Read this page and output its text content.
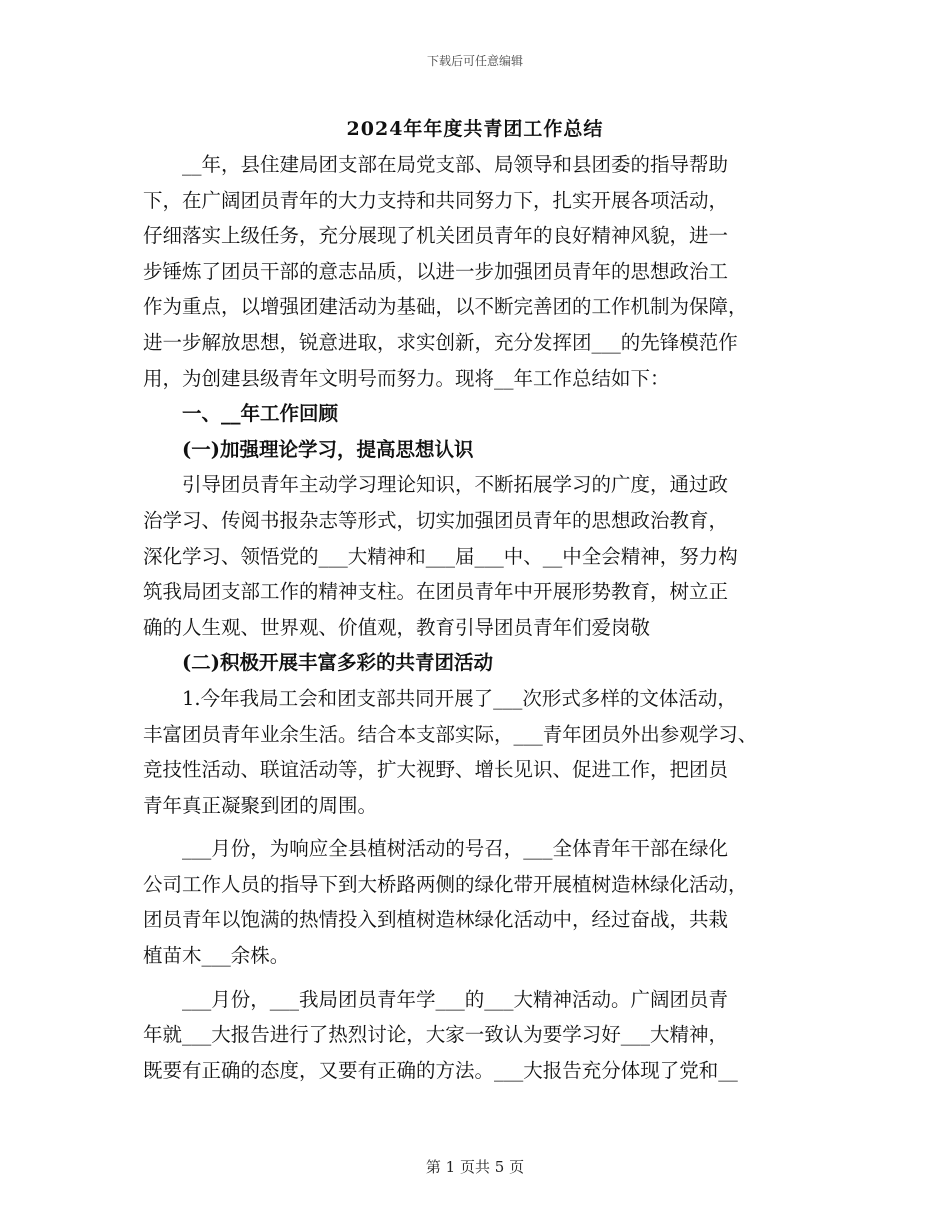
下载后可任意编辑
2024年年度共青团工作总结
　　__年，县住建局团支部在局党支部、局领导和县团委的指导帮助
下，在广阔团员青年的大力支持和共同努力下，扎实开展各项活动，
仔细落实上级任务，充分展现了机关团员青年的良好精神风貌，进一
步锤炼了团员干部的意志品质，以进一步加强团员青年的思想政治工
作为重点，以增强团建活动为基础，以不断完善团的工作机制为保障，
进一步解放思想，锐意进取，求实创新，充分发挥团___的先锋模范作
用，为创建县级青年文明号而努力。现将__年工作总结如下：
　　一、__年工作回顾
　　(一)加强理论学习，提高思想认识
　　引导团员青年主动学习理论知识，不断拓展学习的广度，通过政
治学习、传阅书报杂志等形式，切实加强团员青年的思想政治教育，
深化学习、领悟党的___大精神和___届___中、__中全会精神，努力构
筑我局团支部工作的精神支柱。在团员青年中开展形势教育，树立正
确的人生观、世界观、价值观，教育引导团员青年们爱岗敬
　　(二)积极开展丰富多彩的共青团活动
　　1.今年我局工会和团支部共同开展了___次形式多样的文体活动，
丰富团员青年业余生活。结合本支部实际，___青年团员外出参观学习、
竞技性活动、联谊活动等，扩大视野、增长见识、促进工作，把团员
青年真正凝聚到团的周围。
　　___月份，为响应全县植树活动的号召，___全体青年干部在绿化
公司工作人员的指导下到大桥路两侧的绿化带开展植树造林绿化活动，
团员青年以饱满的热情投入到植树造林绿化活动中，经过奋战，共栽
植苗木___余株。
　　___月份，___我局团员青年学___的___大精神活动。广阔团员青
年就___大报告进行了热烈讨论，大家一致认为要学习好___大精神，
既要有正确的态度，又要有正确的方法。___大报告充分体现了党和__
第 1 页共 5 页
